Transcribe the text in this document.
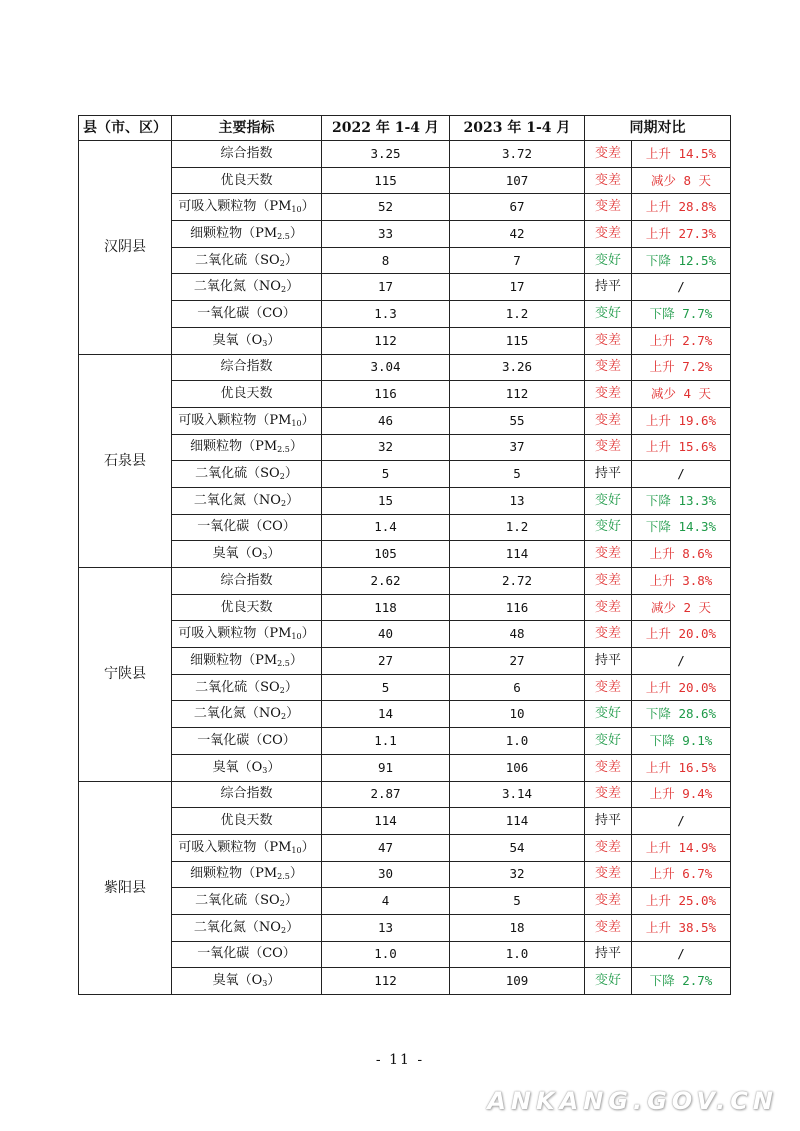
县（市、区）	主要指标	2022 年 1-4 月	2023 年 1-4 月	同期对比	
汉阴县	综合指数	3.25	3.72	变差	上升 14.5%
	优良天数	115	107	变差	减少 8 天
	可吸入颗粒物$(PM_{10})$	52	67	变差	上升 28.8%
	细颗粒物$(PM_{2.5})$	33	42	变差	上升 27.3%
	二氧化硫$(SO_2)$	8	7	变好	下降 12.5%
	二氧化氮$(NO_2)$	17	17	持平	/
	一氧化碳（CO）	1.3	1.2	变好	下降 7.7%
	臭氧$(O_3)$	112	115	变差	上升 2.7%
石泉县	综合指数	3.04	3.26	变差	上升 7.2%
	优良天数	116	112	变差	减少 4 天
	可吸入颗粒物$(PM_{10})$	46	55	变差	上升 19.6%
	细颗粒物$(PM_{2.5})$	32	37	变差	上升 15.6%
	二氧化硫$(SO_2)$	5	5	持平	/
	二氧化氮$(NO_2)$	15	13	变好	下降 13.3%
	一氧化碳（CO）	1.4	1.2	变好	下降 14.3%
	臭氧$(O_3)$	105	114	变差	上升 8.6%
宁陕县	综合指数	2.62	2.72	变差	上升 3.8%
	优良天数	118	116	变差	减少 2 天
	可吸入颗粒物$(PM_{10})$	40	48	变差	上升 20.0%
	细颗粒物$(PM_{2.5})$	27	27	持平	/
	二氧化硫$(SO_2)$	5	6	变差	上升 20.0%
	二氧化氮$(NO_2)$	14	10	变好	下降 28.6%
	一氧化碳（CO）	1.1	1.0	变好	下降 9.1%
	臭氧$(O_3)$	91	106	变差	上升 16.5%
紫阳县	综合指数	2.87	3.14	变差	上升 9.4%
	优良天数	114	114	持平	/
	可吸入颗粒物$(PM_{10})$	47	54	变差	上升 14.9%
	细颗粒物$(PM_{2.5})$	30	32	变差	上升 6.7%
	二氧化硫$(SO_2)$	4	5	变差	上升 25.0%
	二氧化氮$(NO_2)$	13	18	变差	上升 38.5%
	一氧化碳（CO）	1.0	1.0	持平	/
	臭氧$(O_3)$	112	109	变好	下降 2.7%
- 11 -
ANKANG.GOV.CN
